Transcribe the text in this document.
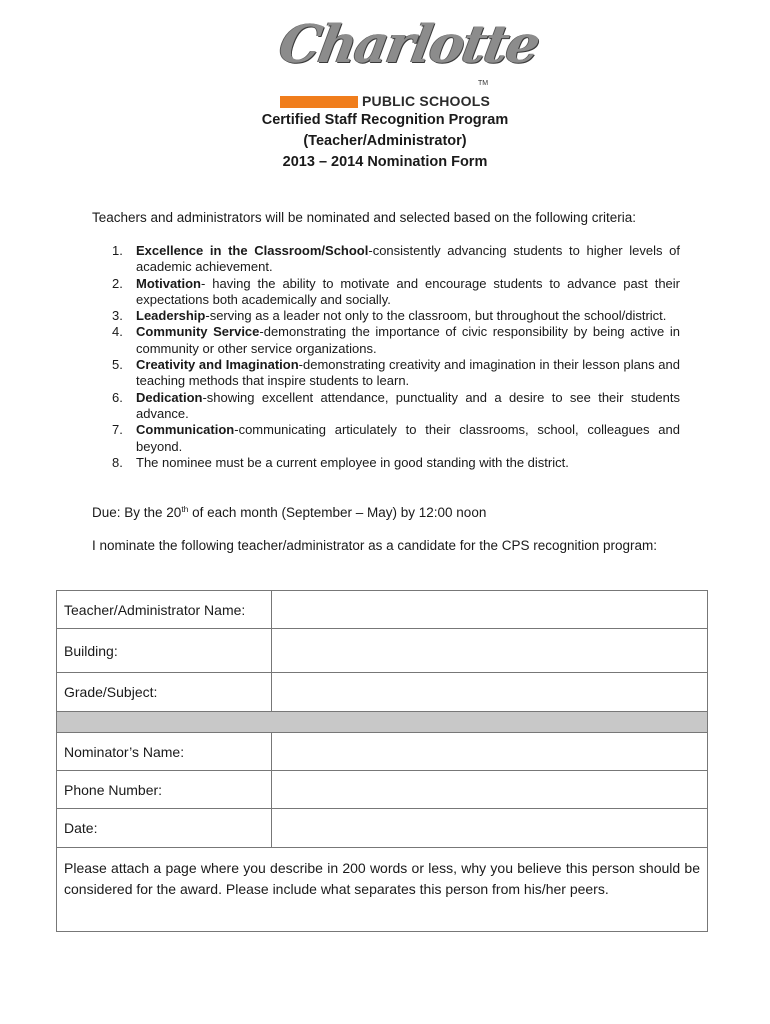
Charlotte
TM
PUBLIC SCHOOLS
Certified Staff Recognition Program
(Teacher/Administrator)
2013 – 2014 Nomination Form
Teachers and administrators will be nominated and selected based on the following criteria:
1. Excellence in the Classroom/School-consistently advancing students to higher levels of academic achievement.
2. Motivation- having the ability to motivate and encourage students to advance past their expectations both academically and socially.
3. Leadership-serving as a leader not only to the classroom, but throughout the school/district.
4. Community Service-demonstrating the importance of civic responsibility by being active in community or other service organizations.
5. Creativity and Imagination-demonstrating creativity and imagination in their lesson plans and teaching methods that inspire students to learn.
6. Dedication-showing excellent attendance, punctuality and a desire to see their students advance.
7. Communication-communicating articulately to their classrooms, school, colleagues and beyond.
8. The nominee must be a current employee in good standing with the district.
Due: By the 20th of each month (September – May) by 12:00 noon
I nominate the following teacher/administrator as a candidate for the CPS recognition program:
Teacher/Administrator Name:	
Building:	
Grade/Subject:	

Nominator’s Name:	
Phone Number:	
Date:	
Please attach a page where you describe in 200 words or less, why you believe this person should be considered for the award. Please include what separates this person from his/her peers.	
